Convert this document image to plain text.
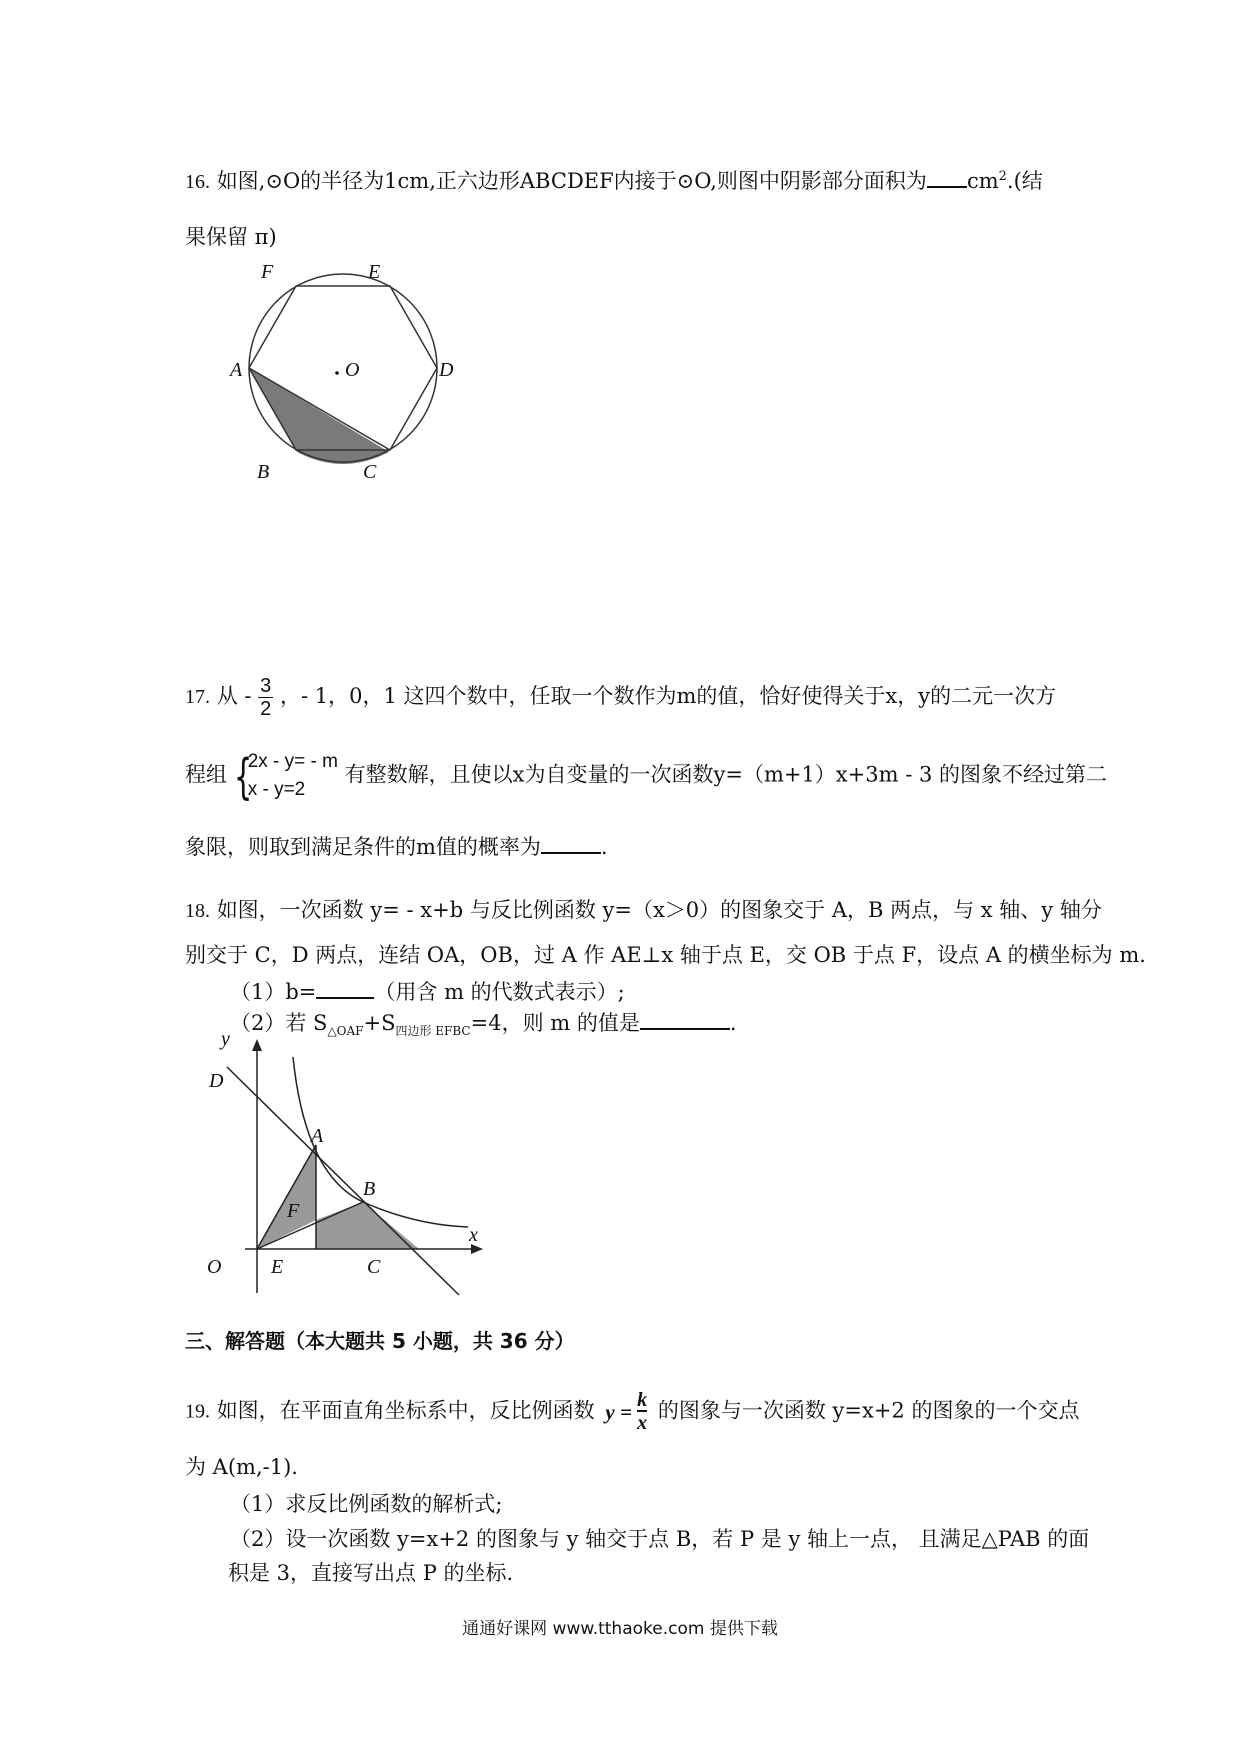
16. 如图,⊙O的半径为1cm,正六边形ABCDEF内接于⊙O,则图中阴影部分面积为 $cm^2$.(结
果保留 π)
F	E
A	O	D
B	C
17. 从 - $\frac{3}{2}$ ，- 1，0，1 这四个数中，任取一个数作为m的值，恰好使得关于x，y的二元一次方
程组 {
2x - y= - m
x - y=2
有整数解，且使以x为自变量的一次函数y=（m+1）x+3m - 3 的图象不经过第二
象限，则取到满足条件的m值的概率为	.
18. 如图，一次函数 y= - x+b 与反比例函数 y=（x＞0）的图象交于 A，B 两点，与 x 轴、y 轴分
别交于 C，D 两点，连结 OA，OB，过 A 作 AE⊥x 轴于点 E，交 OB 于点 F，设点 A 的横坐标为 m.
（1）b=	（用含 m 的代数式表示）;
（2）若 $S_{\triangle OAF}+S_{四边形 EFBC}=4$，则 m 的值是	.
y
D
A
B
F
O E	C
x
三、解答题（本大题共 5 小题，共 36 分）
19. 如图，在平面直角坐标系中，反比例函数 $y = \frac{k}{x}$ 的图象与一次函数 y=x+2 的图象的一个交点
为 A(m,-1).
（1）求反比例函数的解析式;
（2）设一次函数 y=x+2 的图象与 y 轴交于点 B，若 P 是 y 轴上一点， 且满足△PAB 的面
积是 3，直接写出点 P 的坐标.
通通好课网 www.tthaoke.com 提供下载
